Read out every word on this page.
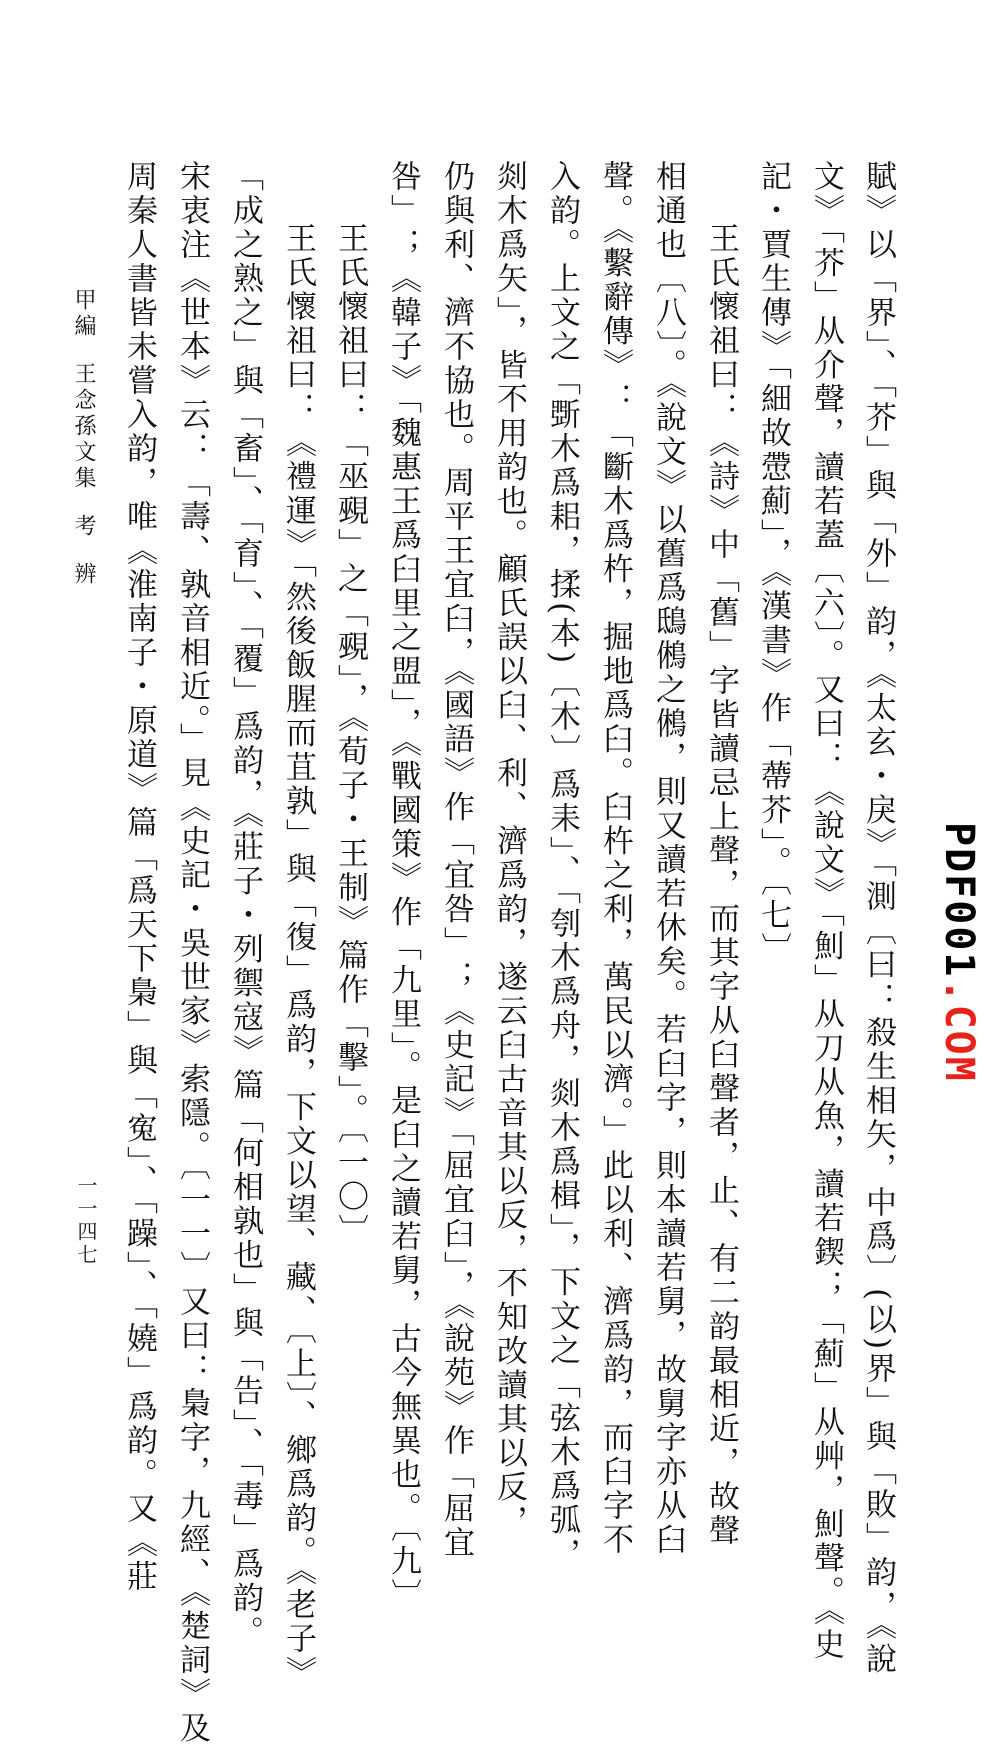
賦》以「界」、「芥」與「外」韵，《太玄・戾》「測〔曰：殺生相矢，中爲〕(以)界」與「敗」韵，《說
文》「芥」从介聲，讀若蓋〔六〕。又曰：《說文》「魝」从刀从魚，讀若鍥；「薊」从艸，魝聲。《史
記・賈生傳》「細故慸薊」，《漢書》作「蔕芥」。〔七〕
王氏懷祖曰：《詩》中「舊」字皆讀忌上聲，而其字从臼聲者，止、有二韵最相近，故聲
相通也〔八〕。《說文》以舊爲鴟鵂之鵂，則又讀若休矣。若臼字，則本讀若舅，故舅字亦从臼
聲。《繫辭傳》：「斷木爲杵，掘地爲臼。臼杵之利，萬民以濟。」此以利、濟爲韵，而臼字不
入韵。上文之「斲木爲耜，揉(本)〔木〕爲耒」、「刳木爲舟，剡木爲楫」，下文之「弦木爲弧，
剡木爲矢」，皆不用韵也。顧氏誤以臼、利、濟爲韵，遂云臼古音其以反，不知改讀其以反，
仍與利、濟不協也。周平王宜臼，《國語》作「宜咎」；《史記》「屈宜臼」，《說苑》作「屈宜
咎」；《韓子》「魏惠王爲臼里之盟」，《戰國策》作「九里」。是臼之讀若舅，古今無異也。〔九〕
王氏懷祖曰：「巫覡」之「覡」，《荀子・王制》篇作「擊」。〔一〇〕
王氏懷祖曰：《禮運》「然後飯腥而苴孰」與「復」爲韵，下文以望、藏、〔上〕、鄉爲韵。《老子》
「成之熟之」與「畜」、「育」、「覆」爲韵，《莊子・列禦寇》篇「何相孰也」與「告」、「毒」爲韵。
宋衷注《世本》云：「壽、孰音相近。」見《史記・吳世家》索隱。〔一一〕又曰：梟字，九經、《楚詞》及
周秦人書皆未嘗入韵，唯《淮南子・原道》篇「爲天下梟」與「寃」、「躁」、「嬈」爲韵。又《莊
甲編  王念孫文集  考  辨
一一四七
PDF001.COM
